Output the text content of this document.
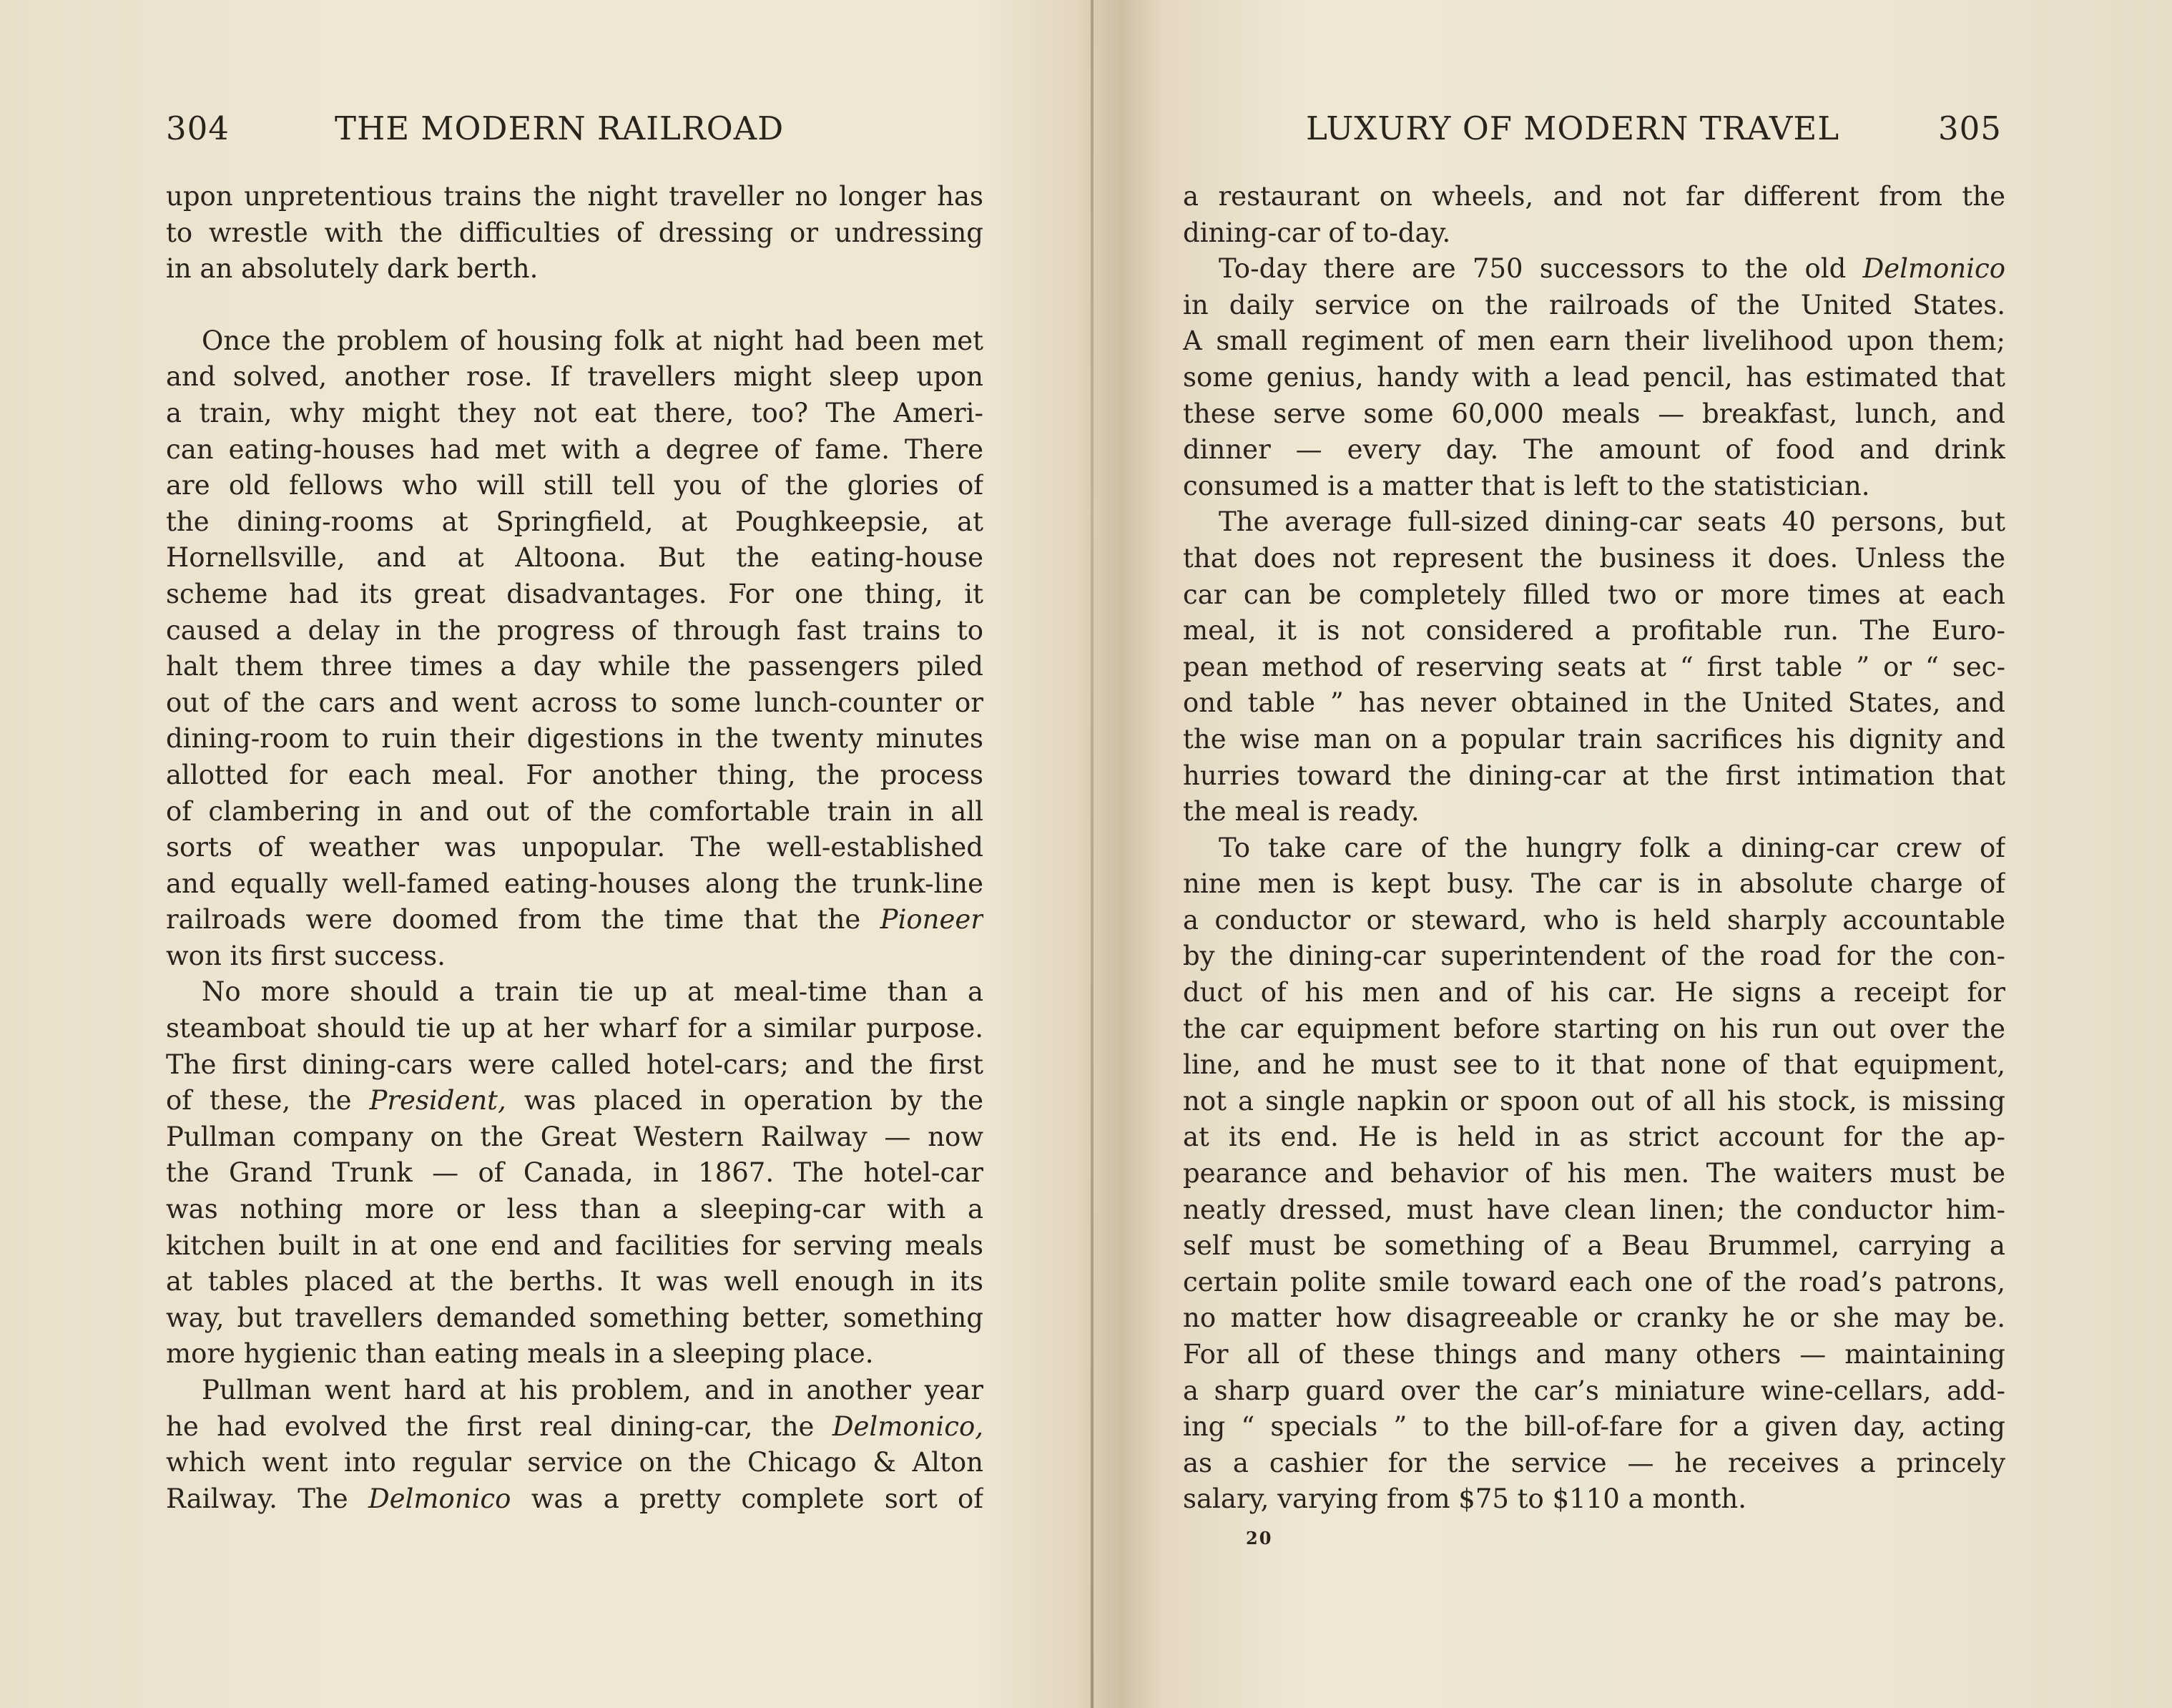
304	THE MODERN RAILROAD
upon unpretentious trains the night traveller no longer has
to wrestle with the difficulties of dressing or undressing
in an absolutely dark berth.
Once the problem of housing folk at night had been met
and solved, another rose. If travellers might sleep upon
a train, why might they not eat there, too? The Ameri-
can eating-houses had met with a degree of fame. There
are old fellows who will still tell you of the glories of
the dining-rooms at Springfield, at Poughkeepsie, at
Hornellsville, and at Altoona. But the eating-house
scheme had its great disadvantages. For one thing, it
caused a delay in the progress of through fast trains to
halt them three times a day while the passengers piled
out of the cars and went across to some lunch-counter or
dining-room to ruin their digestions in the twenty minutes
allotted for each meal. For another thing, the process
of clambering in and out of the comfortable train in all
sorts of weather was unpopular. The well-established
and equally well-famed eating-houses along the trunk-line
railroads were doomed from the time that the Pioneer
won its first success.
No more should a train tie up at meal-time than a
steamboat should tie up at her wharf for a similar purpose.
The first dining-cars were called hotel-cars; and the first
of these, the President, was placed in operation by the
Pullman company on the Great Western Railway — now
the Grand Trunk — of Canada, in 1867. The hotel-car
was nothing more or less than a sleeping-car with a
kitchen built in at one end and facilities for serving meals
at tables placed at the berths. It was well enough in its
way, but travellers demanded something better, something
more hygienic than eating meals in a sleeping place.
Pullman went hard at his problem, and in another year
he had evolved the first real dining-car, the Delmonico,
which went into regular service on the Chicago & Alton
Railway. The Delmonico was a pretty complete sort of
LUXURY OF MODERN TRAVEL	305
a restaurant on wheels, and not far different from the
dining-car of to-day.
To-day there are 750 successors to the old Delmonico
in daily service on the railroads of the United States.
A small regiment of men earn their livelihood upon them;
some genius, handy with a lead pencil, has estimated that
these serve some 60,000 meals — breakfast, lunch, and
dinner — every day. The amount of food and drink
consumed is a matter that is left to the statistician.
The average full-sized dining-car seats 40 persons, but
that does not represent the business it does. Unless the
car can be completely filled two or more times at each
meal, it is not considered a profitable run. The Euro-
pean method of reserving seats at “ first table ” or “ sec-
ond table ” has never obtained in the United States, and
the wise man on a popular train sacrifices his dignity and
hurries toward the dining-car at the first intimation that
the meal is ready.
To take care of the hungry folk a dining-car crew of
nine men is kept busy. The car is in absolute charge of
a conductor or steward, who is held sharply accountable
by the dining-car superintendent of the road for the con-
duct of his men and of his car. He signs a receipt for
the car equipment before starting on his run out over the
line, and he must see to it that none of that equipment,
not a single napkin or spoon out of all his stock, is missing
at its end. He is held in as strict account for the ap-
pearance and behavior of his men. The waiters must be
neatly dressed, must have clean linen; the conductor him-
self must be something of a Beau Brummel, carrying a
certain polite smile toward each one of the road’s patrons,
no matter how disagreeable or cranky he or she may be.
For all of these things and many others — maintaining
a sharp guard over the car’s miniature wine-cellars, add-
ing “ specials ” to the bill-of-fare for a given day, acting
as a cashier for the service — he receives a princely
salary, varying from $75 to $110 a month.
20
